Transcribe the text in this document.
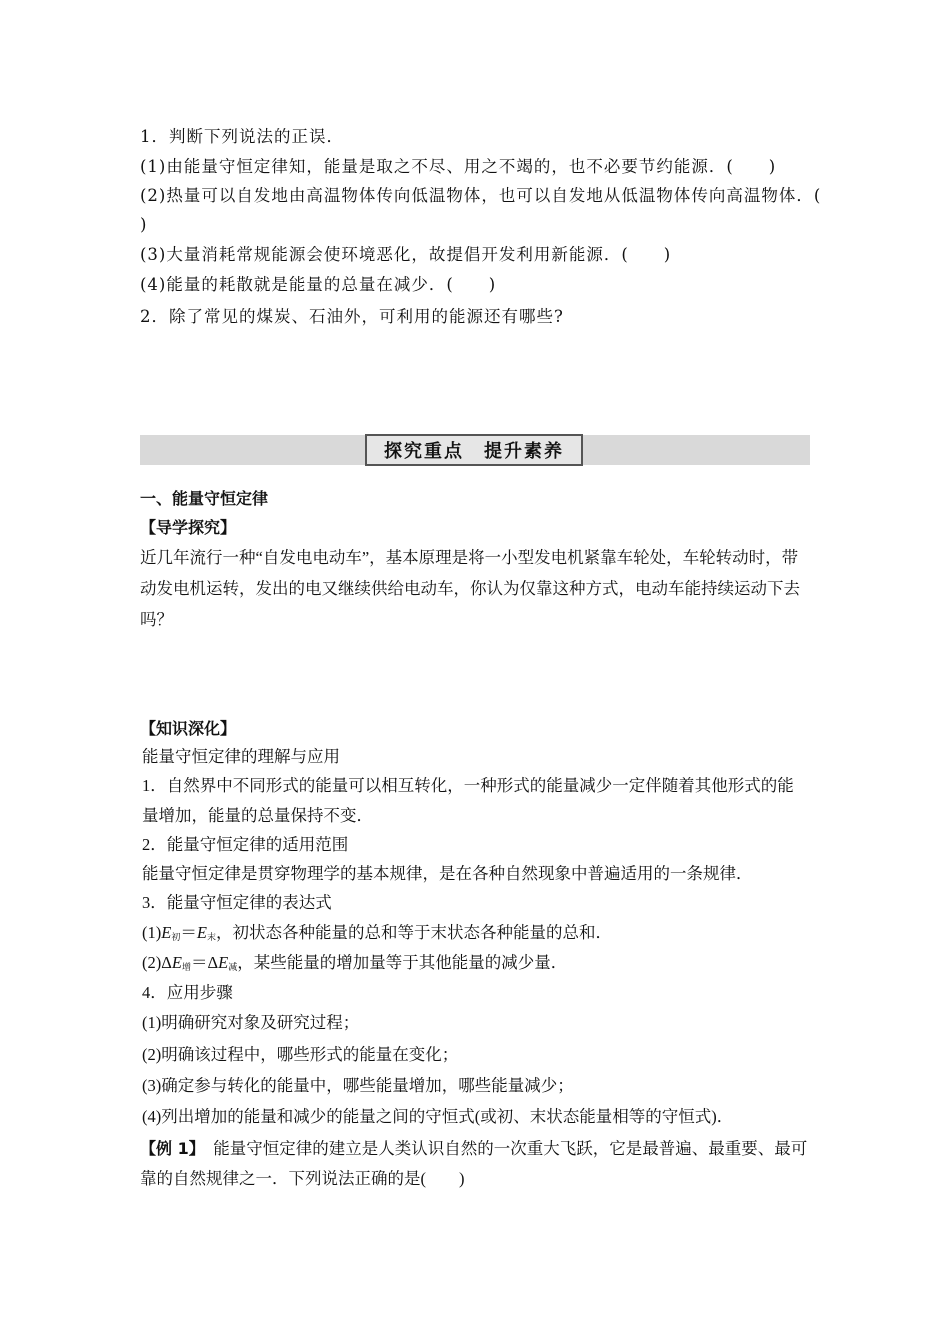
1．判断下列说法的正误．
(1)由能量守恒定律知，能量是取之不尽、用之不竭的，也不必要节约能源．(　　)
(2)热量可以自发地由高温物体传向低温物体，也可以自发地从低温物体传向高温物体．(
)
(3)大量消耗常规能源会使环境恶化，故提倡开发利用新能源．(　　)
(4)能量的耗散就是能量的总量在减少．(　　)
2．除了常见的煤炭、石油外，可利用的能源还有哪些?
探究重点 提升素养
一、能量守恒定律
【导学探究】
近几年流行一种“自发电电动车”，基本原理是将一小型发电机紧靠车轮处，车轮转动时，带动发电机运转，发出的电又继续供给电动车，你认为仅靠这种方式，电动车能持续运动下去吗？
【知识深化】
能量守恒定律的理解与应用
1．自然界中不同形式的能量可以相互转化，一种形式的能量减少一定伴随着其他形式的能
量增加，能量的总量保持不变．
2．能量守恒定律的适用范围
能量守恒定律是贯穿物理学的基本规律，是在各种自然现象中普遍适用的一条规律．
3．能量守恒定律的表达式
$(1)E_初=E_末$，初状态各种能量的总和等于末状态各种能量的总和．
$(2)\Delta E_增=\Delta E_减$，某些能量的增加量等于其他能量的减少量．
4．应用步骤
(1)明确研究对象及研究过程；
(2)明确该过程中，哪些形式的能量在变化；
(3)确定参与转化的能量中，哪些能量增加，哪些能量减少；
(4)列出增加的能量和减少的能量之间的守恒式(或初、末状态能量相等的守恒式)．
【例 1】　能量守恒定律的建立是人类认识自然的一次重大飞跃，它是最普遍、最重要、最可
靠的自然规律之一．下列说法正确的是(　　)
